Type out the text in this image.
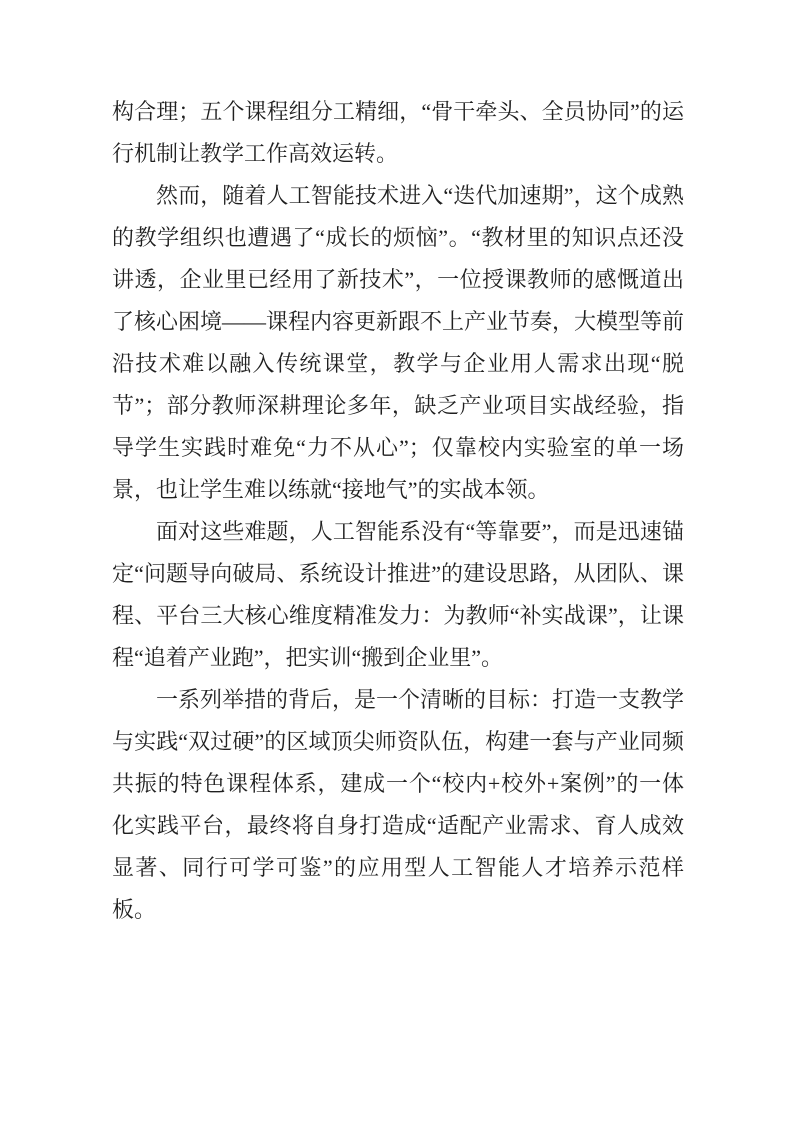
构合理；五个课程组分工精细，“骨干牵头、全员协同”的运行机制让教学工作高效运转。

然而，随着人工智能技术进入“迭代加速期”，这个成熟的教学组织也遭遇了“成长的烦恼”。“教材里的知识点还没讲透，企业里已经用了新技术”，一位授课教师的感慨道出了核心困境——课程内容更新跟不上产业节奏，大模型等前沿技术难以融入传统课堂，教学与企业用人需求出现“脱节”；部分教师深耕理论多年，缺乏产业项目实战经验，指导学生实践时难免“力不从心”；仅靠校内实验室的单一场景，也让学生难以练就“接地气”的实战本领。

面对这些难题，人工智能系没有“等靠要”，而是迅速锚定“问题导向破局、系统设计推进”的建设思路，从团队、课程、平台三大核心维度精准发力：为教师“补实战课”，让课程“追着产业跑”，把实训“搬到企业里”。

一系列举措的背后，是一个清晰的目标：打造一支教学与实践“双过硬”的区域顶尖师资队伍，构建一套与产业同频共振的特色课程体系，建成一个“校内+校外+案例”的一体化实践平台，最终将自身打造成“适配产业需求、育人成效显著、同行可学可鉴”的应用型人工智能人才培养示范样板。
